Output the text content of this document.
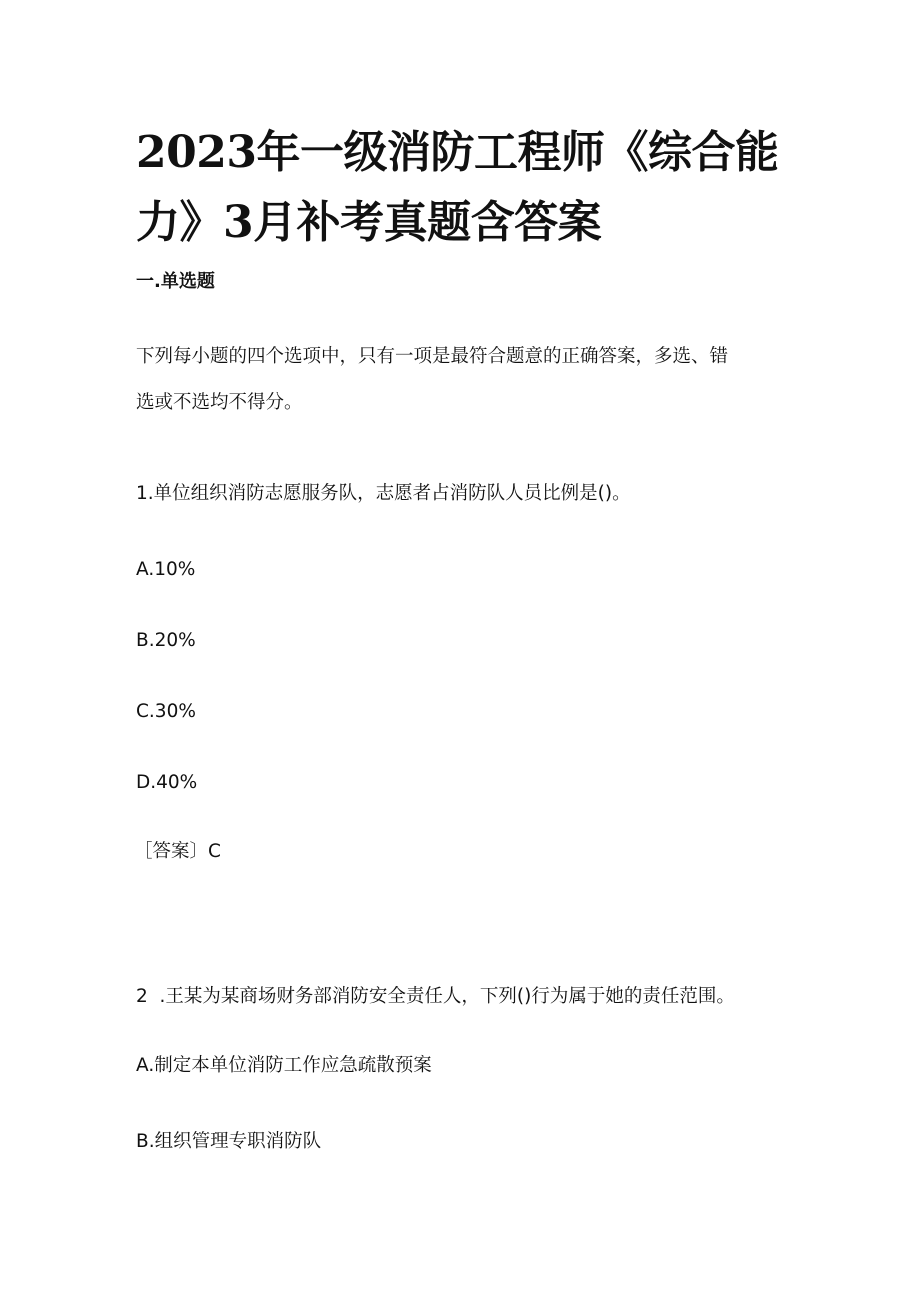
2023年一级消防工程师《综合能
力》3月补考真题含答案

一.单选题

下列每小题的四个选项中，只有一项是最符合题意的正确答案，多选、错
选或不选均不得分。

1.单位组织消防志愿服务队，志愿者占消防队人员比例是()。

A.10%

B.20%

C.30%

D.40%

［答案〕C

2  .王某为某商场财务部消防安全责任人，下列()行为属于她的责任范围。

A.制定本单位消防工作应急疏散预案

B.组织管理专职消防队
